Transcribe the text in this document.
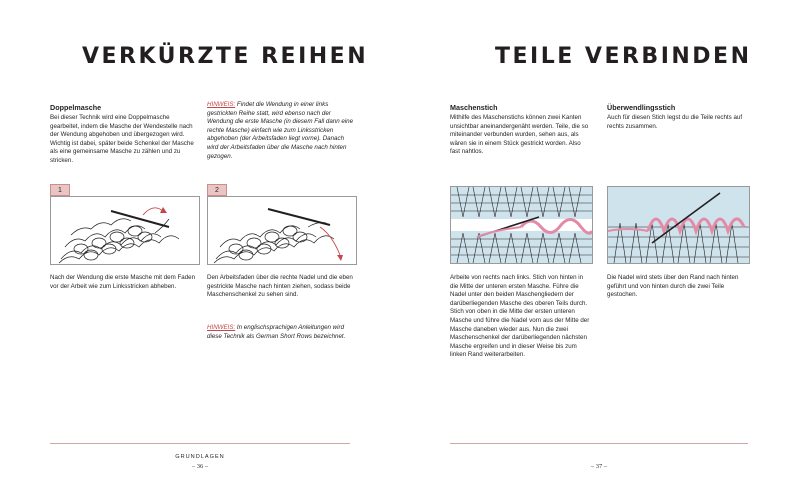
VERKÜRZTE REIHEN
Doppelmasche
Bei dieser Technik wird eine Doppelmasche gearbeitet, indem die Masche der Wendestelle nach der Wendung abgehoben und übergezogen wird. Wichtig ist dabei, später beide Schenkel der Masche als eine gemeinsame Masche zu zählen und zu stricken.
HINWEIS: Findet die Wendung in einer links gestrickten Reihe statt, wird ebenso nach der Wendung die erste Masche (in diesem Fall dann eine rechte Masche) einfach wie zum Linksstricken abgehoben (der Arbeitsfaden liegt vorne). Danach wird der Arbeitsfaden über die Masche nach hinten gezogen.
1
Nach der Wendung die erste Masche mit dem Faden vor der Arbeit wie zum Linksstricken abheben.
2
Den Arbeitsfaden über die rechte Nadel und die eben gestrickte Masche nach hinten ziehen, sodass beide Maschenschenkel zu sehen sind.
HINWEIS: In englischsprachigen Anleitungen wird diese Technik als German Short Rows bezeichnet.
GRUNDLAGEN
– 36 –
TEILE VERBINDEN
Maschenstich
Mithilfe des Maschenstichs können zwei Kanten unsichtbar aneinandergenäht werden. Teile, die so miteinander verbunden wurden, sehen aus, als wären sie in einem Stück gestrickt worden. Also fast nahtlos.
Arbeite von rechts nach links. Stich von hinten in die Mitte der unteren ersten Masche. Führe die Nadel unter den beiden Maschengliedern der darüberliegenden Masche des oberen Teils durch. Stich von oben in die Mitte der ersten unteren Masche und führe die Nadel vorn aus der Mitte der Masche daneben wieder aus. Nun die zwei Maschenschenkel der darüberliegenden nächsten Masche ergreifen und in dieser Weise bis zum linken Rand weiterarbeiten.
Überwendlingsstich
Auch für diesen Stich legst du die Teile rechts auf rechts zusammen.
Die Nadel wird stets über den Rand nach hinten geführt und von hinten durch die zwei Teile gestochen.
– 37 –
